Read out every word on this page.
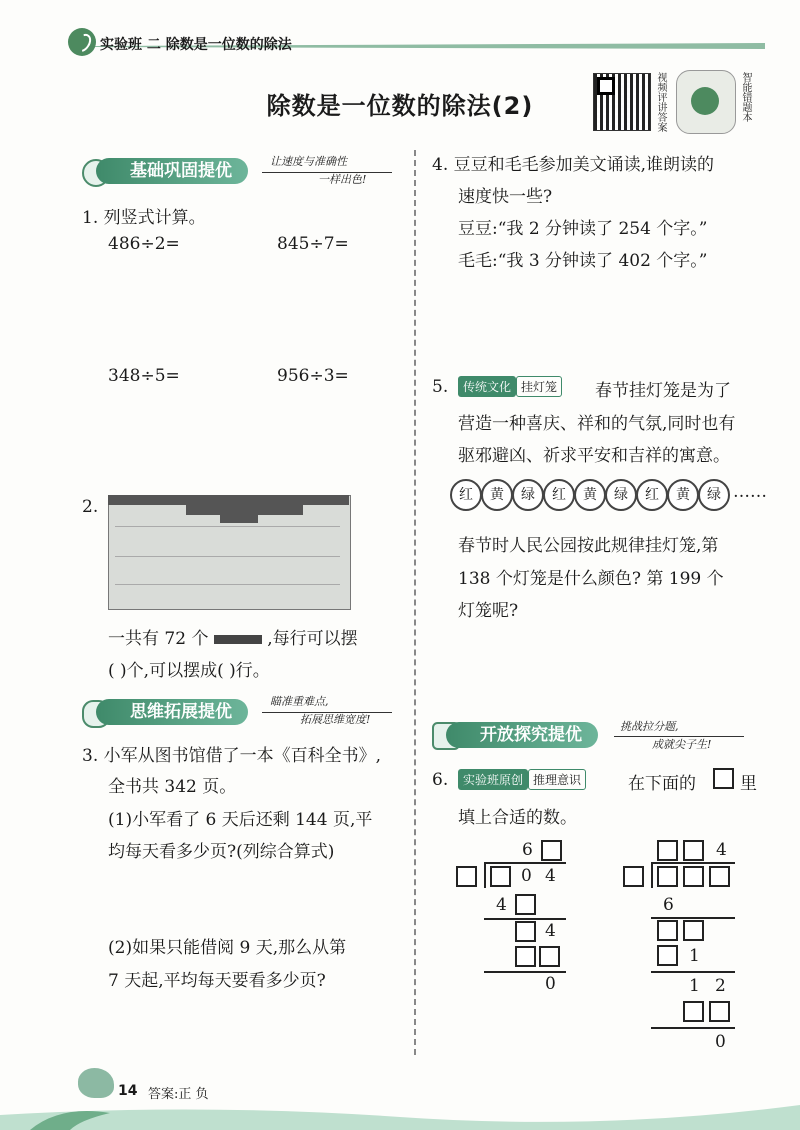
实验班 二 除数是一位数的除法
除数是一位数的除法(2)	视频评讲答案	智能错题本
基础巩固提优	让速度与准确性
一样出色!
1. 列竖式计算。
486÷2=	845÷7=
348÷5=	956÷3=
2.
一共有 72 个	,每行可以摆
( )个,可以摆成( )行。
思维拓展提优
瞄准重难点,
拓展思维宽度!
3. 小军从图书馆借了一本《百科全书》,
全书共 342 页。
(1)小军看了 6 天后还剩 144 页,平
均每天看多少页?(列综合算式)
(2)如果只能借阅 9 天,那么从第
7 天起,平均每天要看多少页?
4. 豆豆和毛毛参加美文诵读,谁朗读的
速度快一些?
豆豆:“我 2 分钟读了 254 个字。”
毛毛:“我 3 分钟读了 402 个字。”
5.	传统文化 挂灯笼 春节挂灯笼是为了
营造一种喜庆、祥和的气氛,同时也有
驱邪避凶、祈求平安和吉祥的寓意。
红	黄	绿	红	黄	绿	红	黄	绿 ……
春节时人民公园按此规律挂灯笼,第
138 个灯笼是什么颜色? 第 199 个
灯笼呢?
开放探究提优	挑战拉分题,
成就尖子生!
6.	实验班原创 推理意识	在下面的	里
填上合适的数。
6
0 4
4
4
0
4
6
1
1 2
0
14 答案:正 负
